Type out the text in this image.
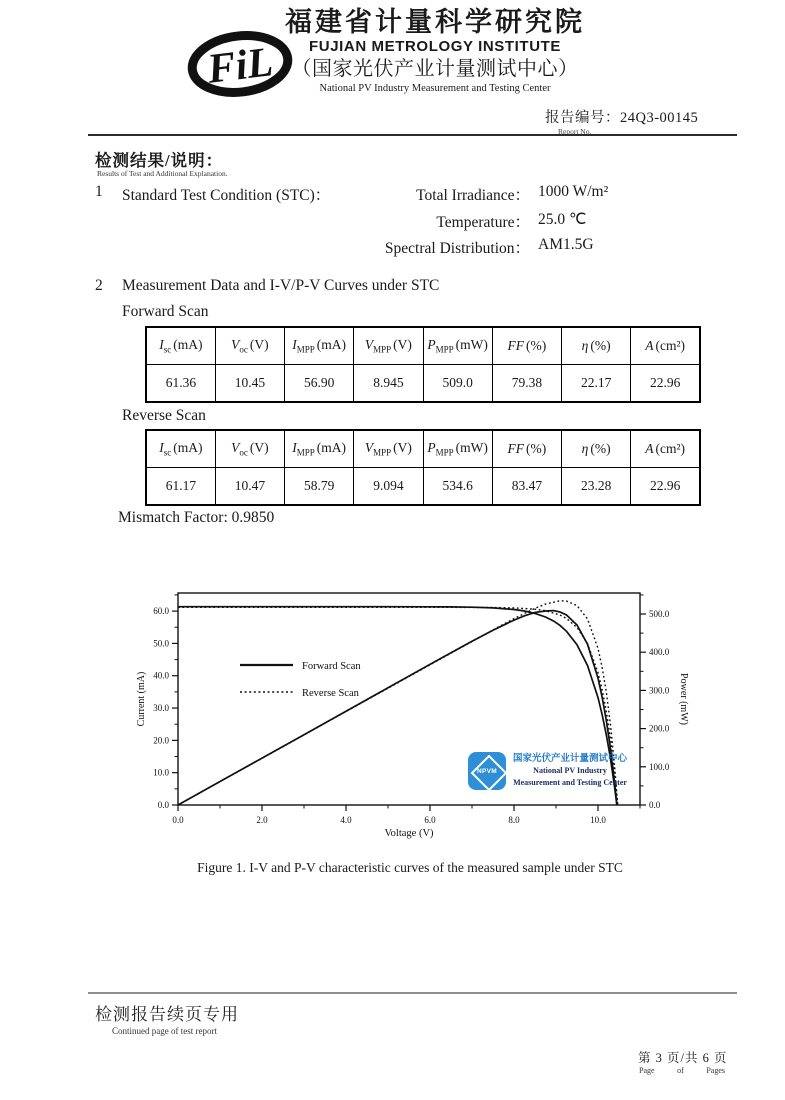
FiL
福建省计量科学研究院
FUJIAN METROLOGY INSTITUTE
（国家光伏产业计量测试中心）
National PV Industry Measurement and Testing Center
报告编号：24Q3-00145
Report No.
检测结果/说明：
Results of Test and Additional Explanation.
1 Standard Test Condition (STC)：	Total Irradiance： 1000 W/m²
Temperature： 25.0 ℃
Spectral Distribution： AM1.5G
2 Measurement Data and I-V/P-V Curves under STC
Forward Scan
$I_{sc}$ (mA)	$V_{oc}$ (V)	$I_{MPP}$ (mA)	$V_{MPP}$ (V)	$P_{MPP}$ (mW)	FF (%)	η (%)	A (cm²)
61.36	10.45	56.90	8.945	509.0	79.38	22.17	22.96
Reverse Scan
$I_{sc}$ (mA)	$V_{oc}$ (V)	$I_{MPP}$ (mA)	$V_{MPP}$ (V)	$P_{MPP}$ (mW)	FF (%)	η (%)	A (cm²)
61.17	10.47	58.79	9.094	534.6	83.47	23.28	22.96
Mismatch Factor: 0.9850
0.0	2.0	4.0	6.0	8.0	10.0
0.0
10.0
20.0
30.0
40.0
50.0
60.0
0.0
100.0
200.0
300.0
400.0
500.0
Current (mA)	Power (mW)
Voltage (V)
Forward Scan
Reverse Scan
NPVM
国家光伏产业计量测试中心
National PV Industry
Measurement and Testing Center
Figure 1. I-V and P-V characteristic curves of the measured sample under STC
检测报告续页专用
Continued page of test report
第 3 页/共 6 页
Page	of	Pages
